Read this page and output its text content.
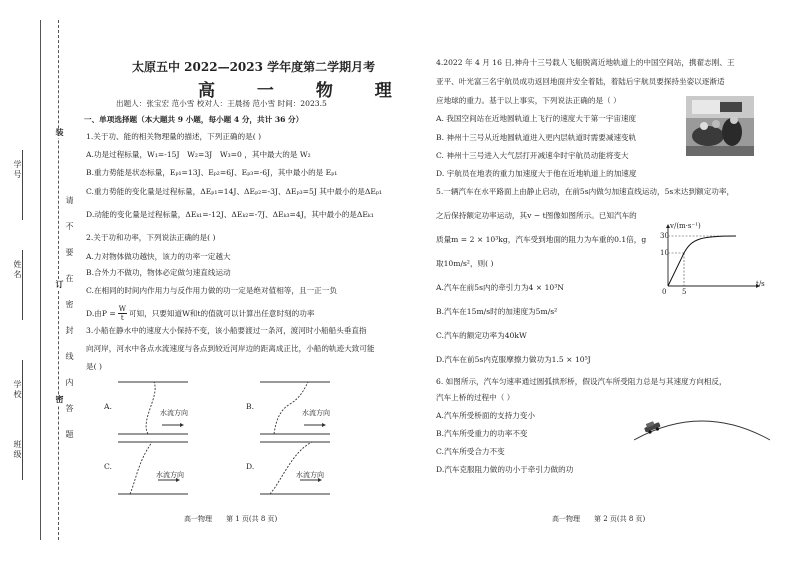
学号
姓名
学校
班级
装
订
密
请
不
要
在
密
封
线
内
答
题
太原五中 2022—2023 学年度第二学期月考
高 一 物 理
出题人：张宝宏 范小雪 校对人：王晨扬 范小雪 时间：2023.5
一、单项选择题（本大题共 9 小题，每小题 4 分，共计 36 分）
1.关于功、能的相关物理量的描述，下列正确的是( )
A.功是过程标量，W₁=-15J　W₂=3J　W₃=0 ，其中最大的是 W₂
B.重力势能是状态标量，Eₚ₁=13J、Eₚ₂=6J、Eₚ₃=-6J，其中最小的是 Eₚ₁
C.重力势能的变化量是过程标量，ΔEₚ₁=14J、ΔEₚ₂=-3J、ΔEₚ₃=5J 其中最小的是ΔEₚ₁
D.动能的变化量是过程标量，ΔEₖ₁=-12J、ΔEₖ₂=-7J、ΔEₖ₃=4J，其中最小的是ΔEₖ₁
2.关于功和功率，下列说法正确的是( )
A.力对物体做功越快，该力的功率一定越大
B.合外力不做功，物体必定做匀速直线运动
C.在相同的时间内作用力与反作用力做的功一定是绝对值相等，且一正一负
D.由$P = \frac{W}{t}$ 可知，只要知道W和t的值就可以计算出任意时刻的功率
3.小船在静水中的速度大小保持不变，该小船要渡过一条河，渡河时小船船头垂直指
向河岸，河水中各点水流速度与各点到较近河岸边的距离成正比，小船的轨迹大致可能
是( )
A.
水流方向
B.
水流方向
C.
水流方向
D.
水流方向
高一物理　　第 1 页(共 8 页)
4.2022 年 4 月 16 日,神舟十三号载人飞船脱离近地轨道上的中国空间站，携翟志刚、王
亚平、叶光富三名宇航员成功返回地面并安全着陆，着陆后宇航员要探持坐姿以逐渐适
应地球的重力。基于以上事实，下列说法正确的是（ ）
A. 我国空间站在近地圆轨道上飞行的速度大于第一宇宙速度
B. 神州十三号从近地圆轨道进入更内层轨道时需要减速变轨
C. 神州十三号进入大气层打开减速伞时宇航员动能将变大
D. 宇航员在地表的重力加速度大于他在近地轨道上的加速度
5.一辆汽车在水平路面上由静止启动，在前5s内做匀加速直线运动，5s末达到额定功率，
之后保持额定功率运动，其v − t图像如图所示。已知汽车的
质量m = 2 × 10³kg，汽车受到地面的阻力为车重的0.1倍，g
取10m/s²，则( )
A.汽车在前5s内的牵引力为4 × 10³N
B.汽车在15m/s时的加速度为5m/s²
C.汽车的额定功率为40kW
D.汽车在前5s内克服摩擦力做功为1.5 × 10⁵J
v/(m·s⁻¹)
t/s
30
10
5
0
6. 如图所示，汽车匀速率通过圆弧拱形桥，假设汽车所受阻力总是与其速度方向相反，
汽车上桥的过程中（ ）
A.汽车所受桥面的支持力变小
B.汽车所受重力的功率不变
C.汽车所受合力不变
D.汽车克服阻力做的功小于牵引力做的功
高一物理　　第 2 页(共 8 页)
